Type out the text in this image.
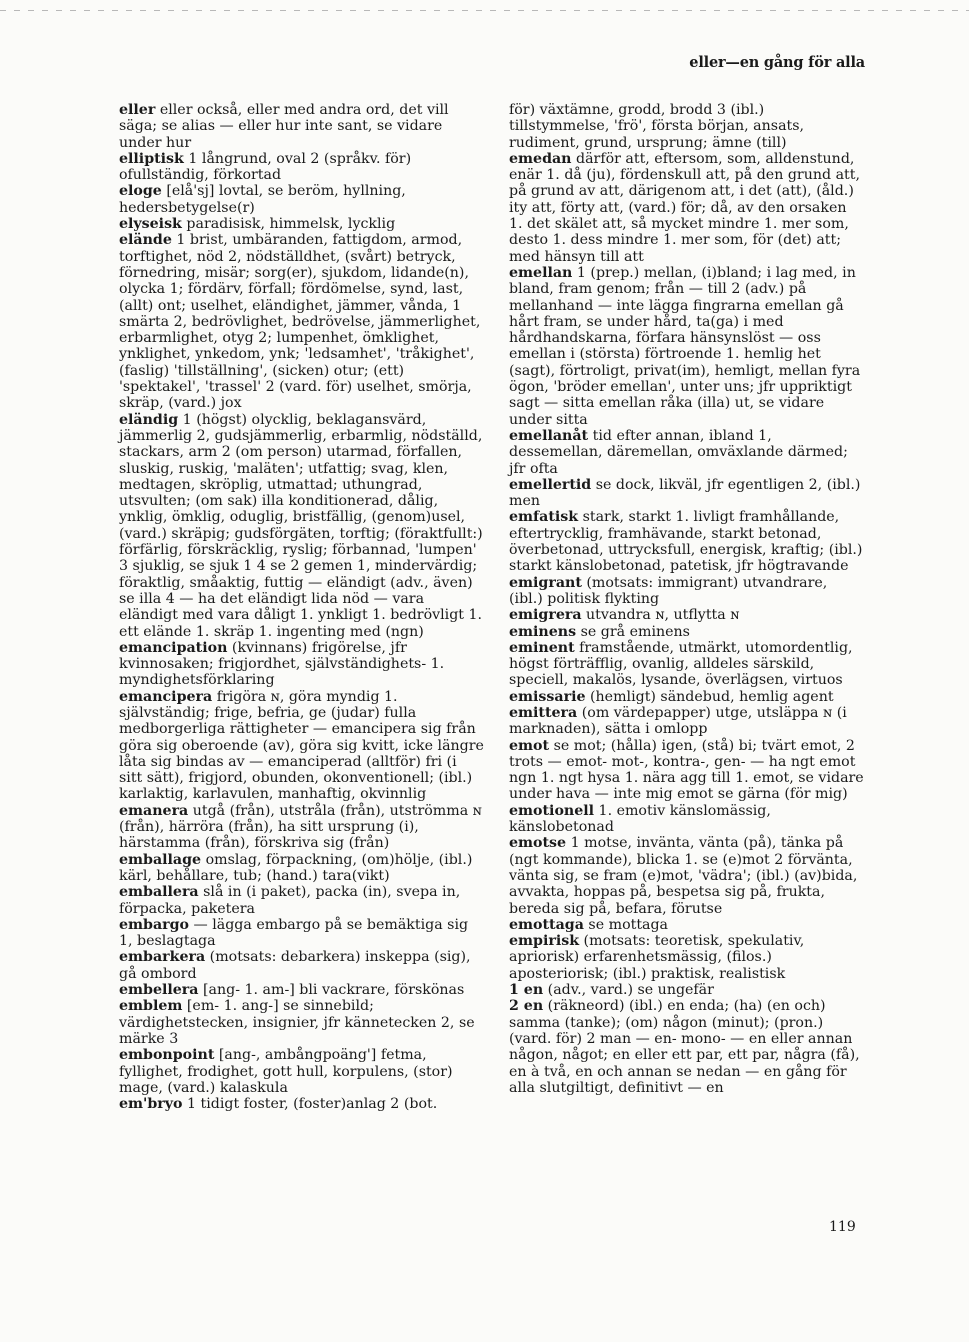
eller—en gång för alla

eller eller också, eller med andra ord, det vill säga; se alias — eller hur inte sant, se vidare under hur

elliptisk 1 långrund, oval 2 (språkv. för) ofullständig, förkortad

eloge [elå'sj] lovtal, se beröm, hyllning, hedersbetygelse(r)

elyseisk paradisisk, himmelsk, lycklig

elände 1 brist, umbäranden, fattigdom, armod, torftighet, nöd 2, nödställdhet, (svårt) betryck, förnedring, misär; sorg(er), sjukdom, lidande(n), olycka 1; fördärv, förfall; fördömelse, synd, last, (allt) ont; uselhet, eländighet, jämmer, vånda, 1 smärta 2, bedrövlighet, bedrövelse, jämmerlighet, erbarmlighet, otyg 2; lumpenhet, ömklighet, ynklighet, ynkedom, ynk; 'ledsamhet', 'tråkighet', (faslig) 'tillställning', (sicken) otur; (ett) 'spektakel', 'trassel' 2 (vard. för) uselhet, smörja, skräp, (vard.) jox

eländig 1 (högst) olycklig, beklagansvärd, jämmerlig 2, gudsjämmerlig, erbarmlig, nödställd, stackars, arm 2 (om person) utarmad, förfallen, sluskig, ruskig, 'maläten'; utfattig; svag, klen, medtagen, skröplig, utmattad; uthungrad, utsvulten; (om sak) illa konditionerad, dålig, ynklig, ömklig, oduglig, bristfällig, (genom)usel, (vard.) skräpig; gudsförgäten, torftig; (föraktfullt:) förfärlig, förskräcklig, ryslig; förbannad, 'lumpen' 3 sjuklig, se sjuk 1 4 se 2 gemen 1, mindervärdig; föraktlig, småaktig, futtig — eländigt (adv., även) se illa 4 — ha det eländigt lida nöd — vara eländigt med vara dåligt 1. ynkligt 1. bedrövligt 1. ett elände 1. skräp 1. ingenting med (ngn)

emancipation (kvinnans) frigörelse, jfr kvinnosaken; frigjordhet, självständighets- 1. myndighetsförklaring

emancipera frigöra ɴ, göra myndig 1. självständig; frige, befria, ge (judar) fulla medborgerliga rättigheter — emancipera sig från göra sig oberoende (av), göra sig kvitt, icke längre låta sig bindas av — emanciperad (alltför) fri (i sitt sätt), frigjord, obunden, okonventionell; (ibl.) karlaktig, karlavulen, manhaftig, okvinnlig

emanera utgå (från), utstråla (från), utströmma ɴ (från), härröra (från), ha sitt ursprung (i), härstamma (från), förskriva sig (från)

emballage omslag, förpackning, (om)hölje, (ibl.) kärl, behållare, tub; (hand.) tara(vikt)

emballera slå in (i paket), packa (in), svepa in, förpacka, paketera

embargo — lägga embargo på se bemäktiga sig 1, beslagtaga

embarkera (motsats: debarkera) inskeppa (sig), gå ombord

embellera [ang- 1. am-] bli vackrare, förskönas

emblem [em- 1. ang-] se sinnebild; värdighetstecken, insignier, jfr kännetecken 2, se märke 3

embonpoint [ang-, ambångpoäng'] fetma, fyllighet, frodighet, gott hull, korpulens, (stor) mage, (vard.) kalaskula

em'bryo 1 tidigt foster, (foster)anlag 2 (bot.

för) växtämne, grodd, brodd 3 (ibl.) tillstymmelse, 'frö', första början, ansats, rudiment, grund, ursprung; ämne (till)

emedan därför att, eftersom, som, alldenstund, enär 1. då (ju), fördenskull att, på den grund att, på grund av att, därigenom att, i det (att), (åld.) ity att, förty att, (vard.) för; då, av den orsaken 1. det skälet att, så mycket mindre 1. mer som, desto 1. dess mindre 1. mer som, för (det) att; med hänsyn till att

emellan 1 (prep.) mellan, (i)bland; i lag med, in bland, fram genom; från — till 2 (adv.) på mellanhand — inte lägga fingrarna emellan gå hårt fram, se under hård, ta(ga) i med hårdhandskarna, förfara hänsynslöst — oss emellan i (största) förtroende 1. hemlig het (sagt), förtroligt, privat(im), hemligt, mellan fyra ögon, 'bröder emellan', unter uns; jfr uppriktigt sagt — sitta emellan råka (illa) ut, se vidare under sitta

emellanåt tid efter annan, ibland 1, dessemellan, däremellan, omväxlande därmed; jfr ofta

emellertid se dock, likväl, jfr egentligen 2, (ibl.) men

emfatisk stark, starkt 1. livligt framhållande, eftertrycklig, framhävande, starkt betonad, överbetonad, uttrycksfull, energisk, kraftig; (ibl.) starkt känslobetonad, patetisk, jfr högtravande

emigrant (motsats: immigrant) utvandrare, (ibl.) politisk flykting

emigrera utvandra ɴ, utflytta ɴ

eminens se grå eminens

eminent framstående, utmärkt, utomordentlig, högst förträfflig, ovanlig, alldeles särskild, speciell, makalös, lysande, överlägsen, virtuos

emissarie (hemligt) sändebud, hemlig agent

emittera (om värdepapper) utge, utsläppa ɴ (i marknaden), sätta i omlopp

emot se mot; (hålla) igen, (stå) bi; tvärt emot, 2 trots — emot- mot-, kontra-, gen- — ha ngt emot ngn 1. ngt hysa 1. nära agg till 1. emot, se vidare under hava — inte mig emot se gärna (för mig)

emotionell 1. emotiv känslomässig, känslobetonad

emotse 1 motse, invänta, vänta (på), tänka på (ngt kommande), blicka 1. se (e)mot 2 förvänta, vänta sig, se fram (e)mot, 'vädra'; (ibl.) (av)bida, avvakta, hoppas på, bespetsa sig på, frukta, bereda sig på, befara, förutse

emottaga se mottaga

empirisk (motsats: teoretisk, spekulativ, apriorisk) erfarenhetsmässig, (filos.) aposteriorisk; (ibl.) praktisk, realistisk

1 en (adv., vard.) se ungefär

2 en (räkneord) (ibl.) en enda; (ha) (en och) samma (tanke); (om) någon (minut); (pron.) (vard. för) 2 man — en- mono- — en eller annan någon, något; en eller ett par, ett par, några (få), en à två, en och annan se nedan — en gång för alla slutgiltigt, definitivt — en

119
